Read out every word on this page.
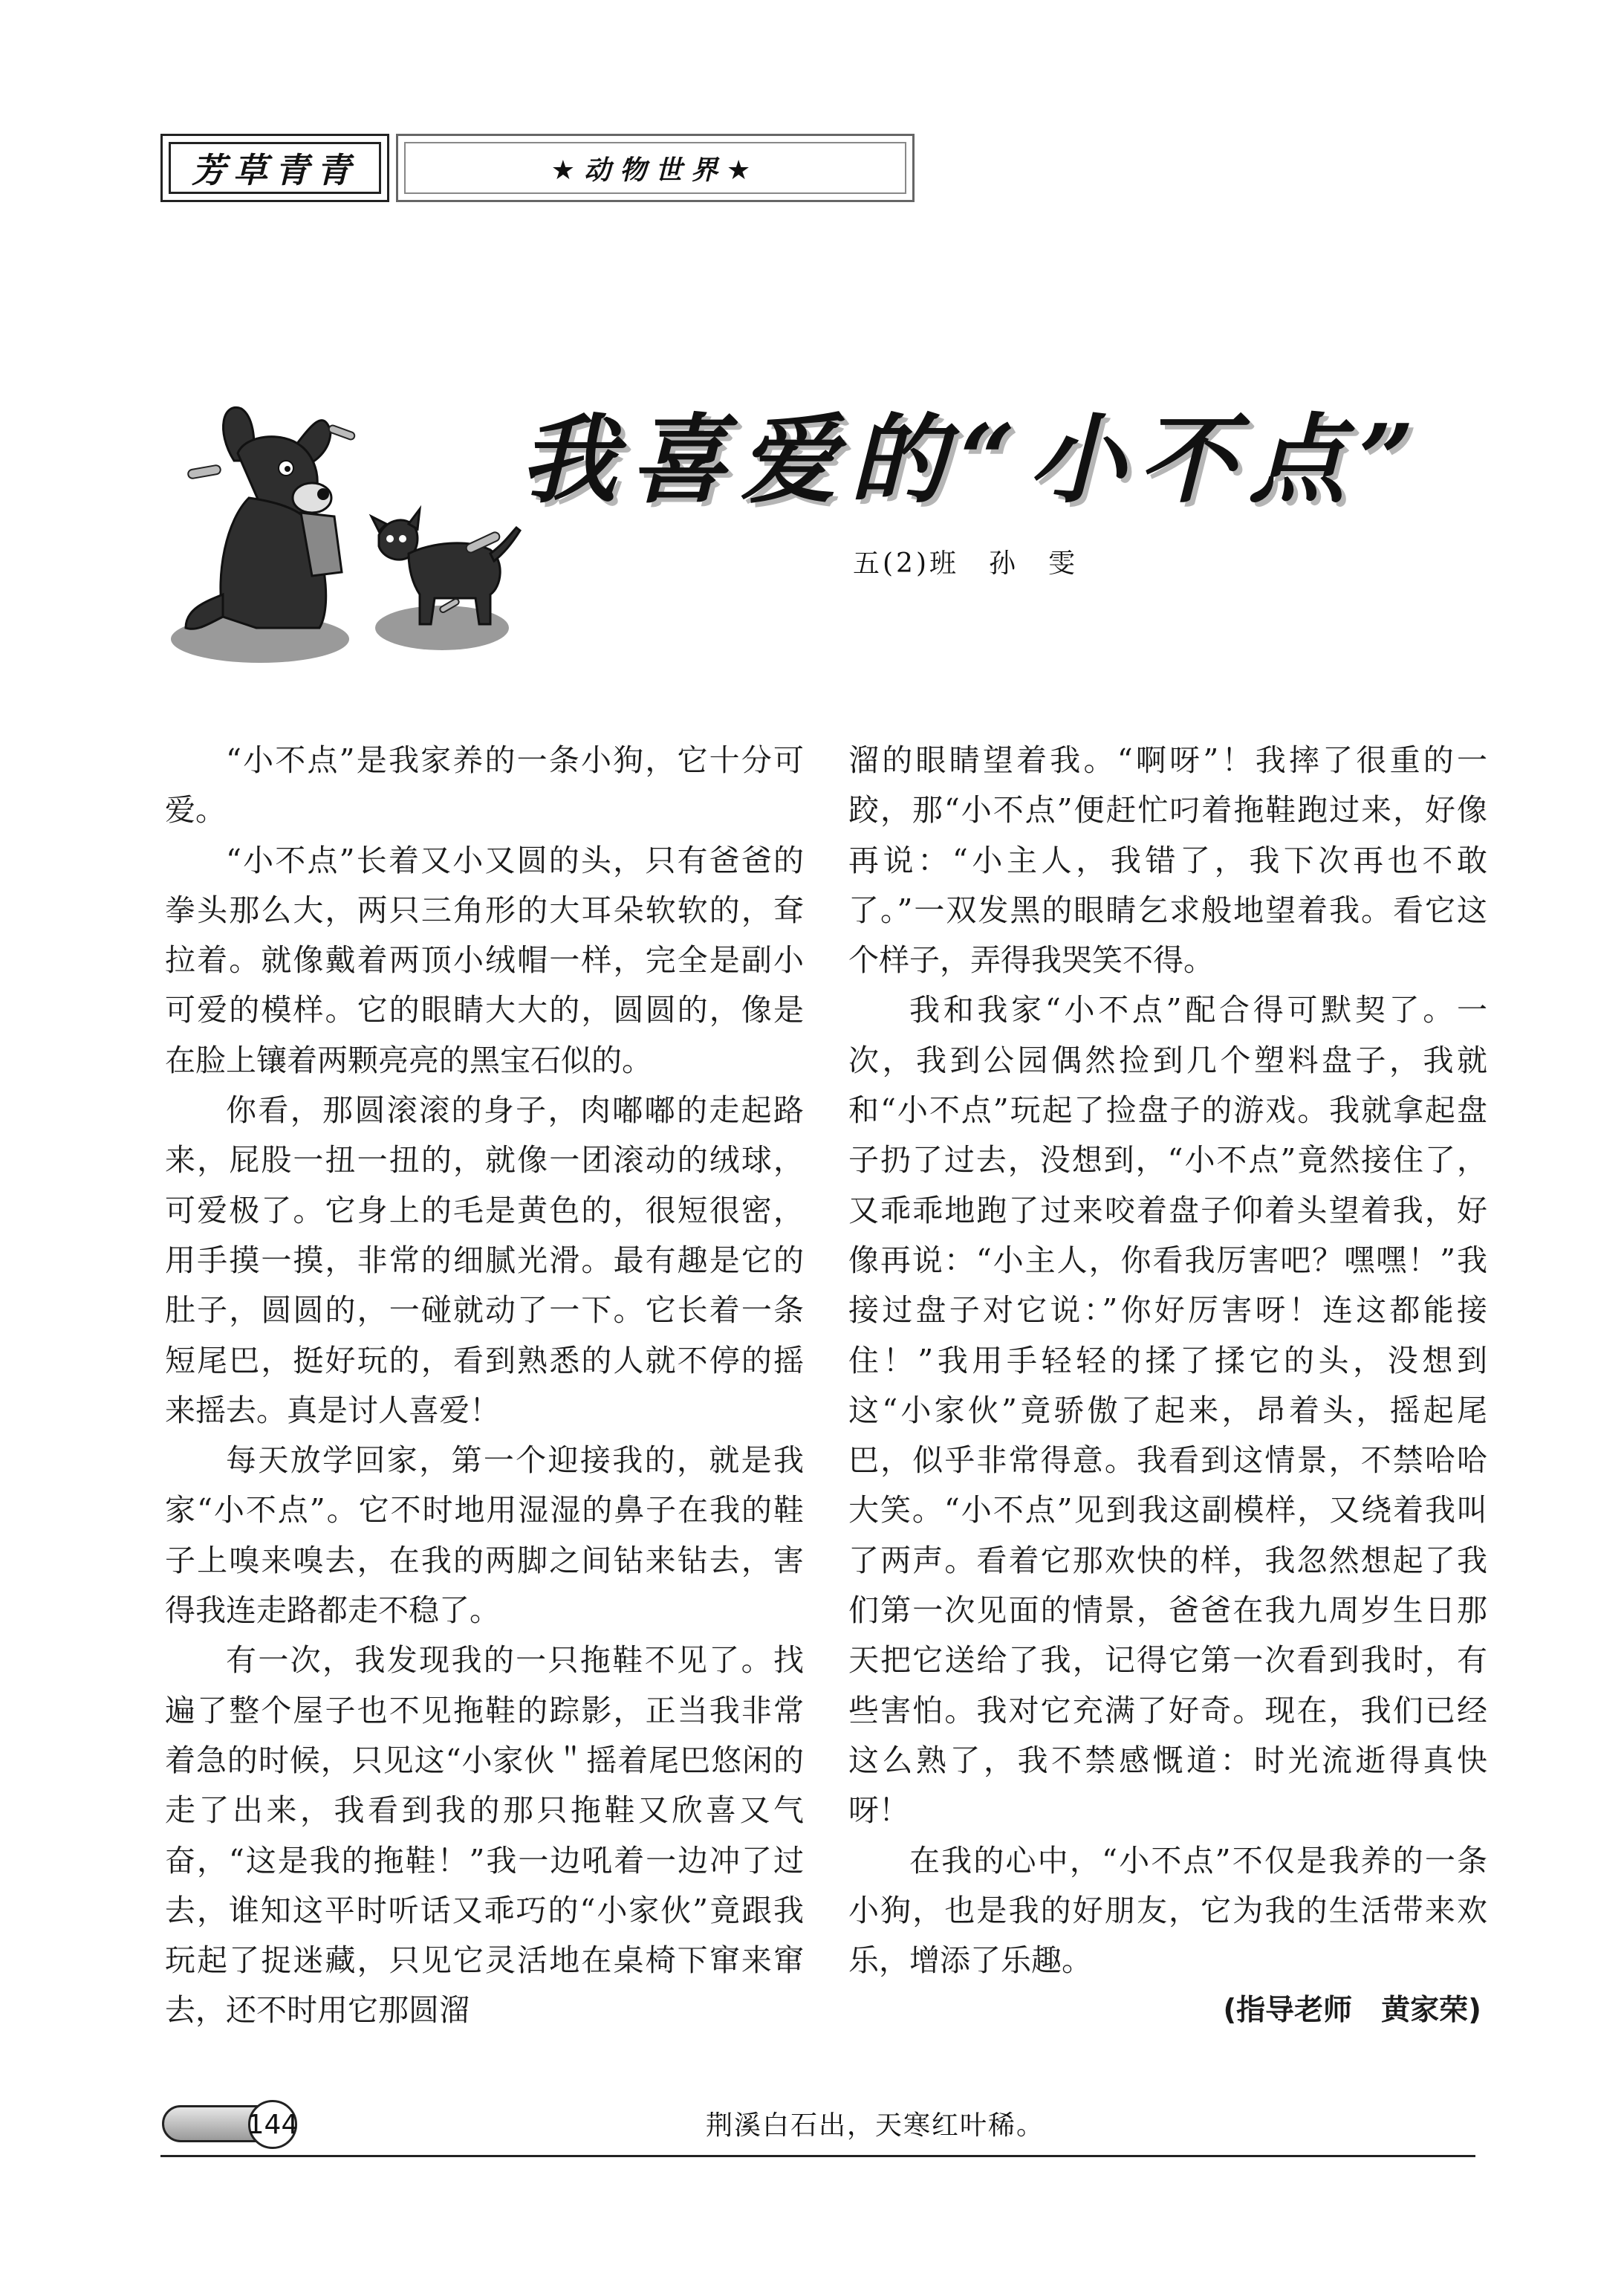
芳草青青	★动物世界★
我喜爱的“小不点”
五(2)班　孙　雯

“小不点”是我家养的一条小狗，它十分可爱。

“小不点”长着又小又圆的头，只有爸爸的拳头那么大，两只三角形的大耳朵软软的，耷拉着。就像戴着两顶小绒帽一样，完全是副小可爱的模样。它的眼睛大大的，圆圆的，像是在脸上镶着两颗亮亮的黑宝石似的。

你看，那圆滚滚的身子，肉嘟嘟的走起路来，屁股一扭一扭的，就像一团滚动的绒球，可爱极了。它身上的毛是黄色的，很短很密，用手摸一摸，非常的细腻光滑。最有趣是它的肚子，圆圆的，一碰就动了一下。它长着一条短尾巴，挺好玩的，看到熟悉的人就不停的摇来摇去。真是讨人喜爱！

每天放学回家，第一个迎接我的，就是我家“小不点”。它不时地用湿湿的鼻子在我的鞋子上嗅来嗅去，在我的两脚之间钻来钻去，害得我连走路都走不稳了。

有一次，我发现我的一只拖鞋不见了。找遍了整个屋子也不见拖鞋的踪影，正当我非常着急的时候，只见这“小家伙＂摇着尾巴悠闲的走了出来，我看到我的那只拖鞋又欣喜又气奋，“这是我的拖鞋！”我一边吼着一边冲了过去，谁知这平时听话又乖巧的“小家伙”竟跟我玩起了捉迷藏，只见它灵活地在桌椅下窜来窜去，还不时用它那圆溜

溜的眼睛望着我。“啊呀”！我摔了很重的一跤，那“小不点”便赶忙叼着拖鞋跑过来，好像再说：“小主人，我错了，我下次再也不敢了。”一双发黑的眼睛乞求般地望着我。看它这个样子，弄得我哭笑不得。

我和我家“小不点”配合得可默契了。一次，我到公园偶然捡到几个塑料盘子，我就和“小不点”玩起了捡盘子的游戏。我就拿起盘子扔了过去，没想到，“小不点”竟然接住了，又乖乖地跑了过来咬着盘子仰着头望着我，好像再说：“小主人，你看我厉害吧？嘿嘿！”我接过盘子对它说：”你好厉害呀！连这都能接住！”我用手轻轻的揉了揉它的头，没想到这“小家伙”竟骄傲了起来，昂着头，摇起尾巴，似乎非常得意。我看到这情景，不禁哈哈大笑。“小不点”见到我这副模样，又绕着我叫了两声。看着它那欢快的样，我忽然想起了我们第一次见面的情景，爸爸在我九周岁生日那天把它送给了我，记得它第一次看到我时，有些害怕。我对它充满了好奇。现在，我们已经这么熟了，我不禁感慨道：时光流逝得真快呀！

在我的心中，“小不点”不仅是我养的一条小狗，也是我的好朋友，它为我的生活带来欢乐，增添了乐趣。

(指导老师　黄家荣)

144	荆溪白石出，天寒红叶稀。
